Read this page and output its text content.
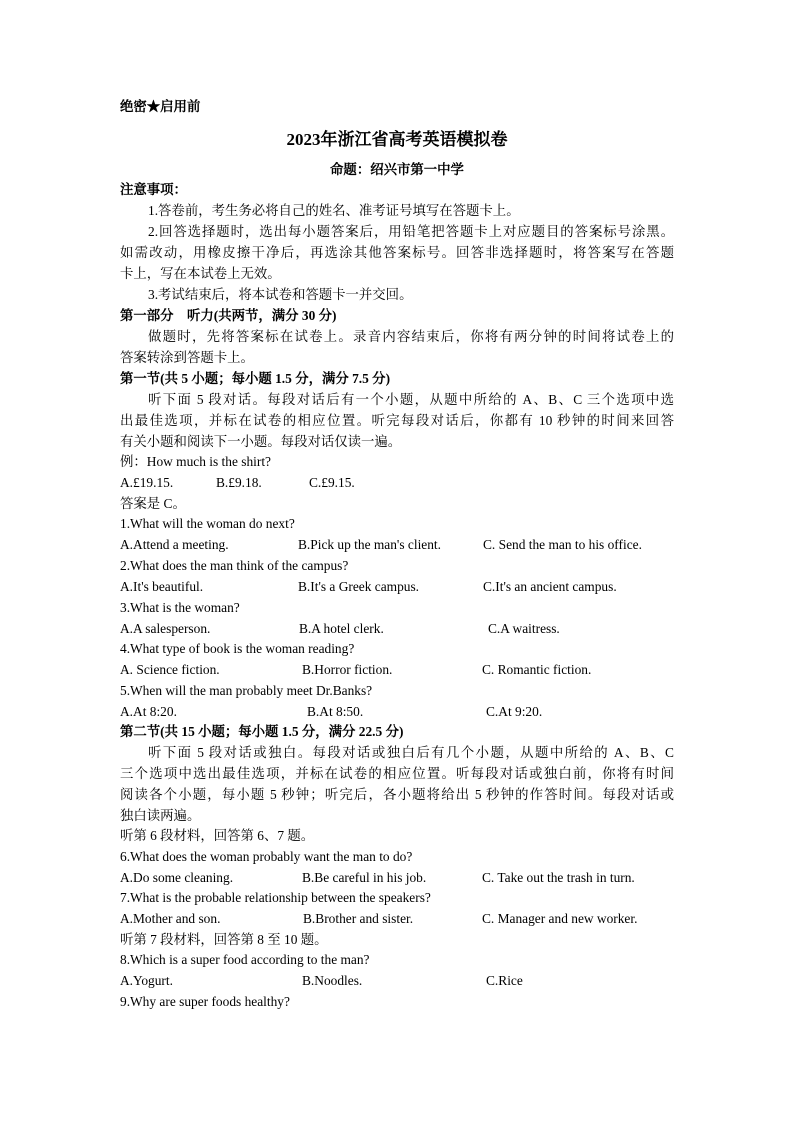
绝密★启用前
2023年浙江省高考英语模拟卷
命题：绍兴市第一中学
注意事项：
1.答卷前，考生务必将自己的姓名、准考证号填写在答题卡上。
2.回答选择题时，选出每小题答案后，用铅笔把答题卡上对应题目的答案标号涂黑。
如需改动，用橡皮擦干净后，再选涂其他答案标号。回答非选择题时，将答案写在答题
卡上，写在本试卷上无效。
3.考试结束后，将本试卷和答题卡一并交回。
第一部分　听力(共两节，满分 30 分)
做题时，先将答案标在试卷上。录音内容结束后，你将有两分钟的时间将试卷上的
答案转涂到答题卡上。
第一节(共 5 小题；每小题 1.5 分，满分 7.5 分)
听下面 5 段对话。每段对话后有一个小题，从题中所给的 A、B、C 三个选项中选
出最佳选项，并标在试卷的相应位置。听完每段对话后，你都有 10 秒钟的时间来回答
有关小题和阅读下一小题。每段对话仅读一遍。
例：How much is the shirt?
A.£19.15.	B.£9.18.	C.£9.15.
答案是 C。
1.What will the woman do next?
A.Attend a meeting.	B.Pick up the man's client.	C. Send the man to his office.
2.What does the man think of the campus?
A.It's beautiful.	B.It's a Greek campus.	C.It's an ancient campus.
3.What is the woman?
A.A salesperson.	B.A hotel clerk.	C.A waitress.
4.What type of book is the woman reading?
A. Science fiction.	B.Horror fiction.	C. Romantic fiction.
5.When will the man probably meet Dr.Banks?
A.At 8:20.	B.At 8:50.	C.At 9:20.
第二节(共 15 小题；每小题 1.5 分，满分 22.5 分)
听下面 5 段对话或独白。每段对话或独白后有几个小题，从题中所给的 A、B、C
三个选项中选出最佳选项，并标在试卷的相应位置。听每段对话或独白前，你将有时间
阅读各个小题，每小题 5 秒钟；听完后，各小题将给出 5 秒钟的作答时间。每段对话或
独白读两遍。
听第 6 段材料，回答第 6、7 题。
6.What does the woman probably want the man to do?
A.Do some cleaning.	B.Be careful in his job.	C. Take out the trash in turn.
7.What is the probable relationship between the speakers?
A.Mother and son.	B.Brother and sister.	C. Manager and new worker.
听第 7 段材料，回答第 8 至 10 题。
8.Which is a super food according to the man?
A.Yogurt.	B.Noodles.	C.Rice
9.Why are super foods healthy?
